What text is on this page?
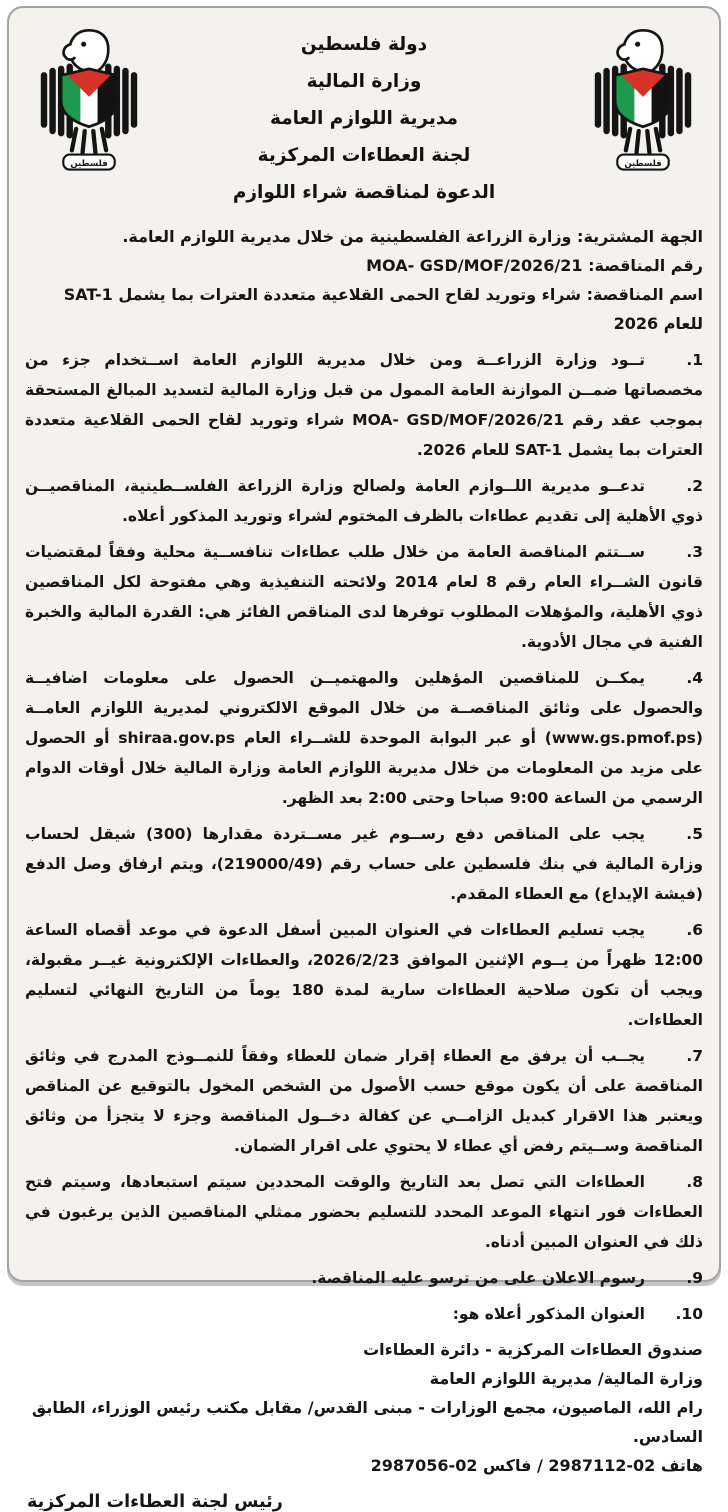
فلسطين	فلسطين
دولة فلسطين
وزارة المالية
مديرية اللوازم العامة
لجنة العطاءات المركزية
الدعوة لمناقصة شراء اللوازم

الجهة المشترية: وزارة الزراعة الفلسطينية من خلال مديرية اللوازم العامة.

رقم المناقصة: MOA- GSD/MOF/2026/21

اسم المناقصة: شراء وتوريد لقاح الحمى القلاعية متعددة العترات بما يشمل SAT-1 للعام 2026

1.تــود وزارة الزراعــة ومن خلال مديرية اللوازم العامة اســتخدام جزء من مخصصاتها ضمــن الموازنة العامة الممول من قبل وزارة المالية لتسديد المبالغ المستحقة بموجب عقد رقم MOA- GSD/MOF/2026/21 شراء وتوريد لقاح الحمى القلاعية متعددة العترات بما يشمل SAT-1 للعام 2026.

2.تدعــو مديرية اللــوازم العامة ولصالح وزارة الزراعة الفلســطينية، المناقصيــن ذوي الأهلية إلى تقديم عطاءات بالظرف المختوم لشراء وتوريد المذكور أعلاه.

3.ســتتم المناقصة العامة من خلال طلب عطاءات تنافســية محلية وفقاً لمقتضيات قانون الشــراء العام رقم 8 لعام 2014 ولائحته التنفيذية وهي مفتوحة لكل المناقصين ذوي الأهلية، والمؤهلات المطلوب توفرها لدى المناقص الفائز هي: القدرة المالية والخبرة الفنية في مجال الأدوية.

4.يمكــن للمناقصين المؤهلين والمهتميــن الحصول على معلومات اضافيــة والحصول على وثائق المناقصــة من خلال الموقع الالكتروني لمديرية اللوازم العامــة (www.gs.pmof.ps) أو عبر البوابة الموحدة للشــراء العام shiraa.gov.ps أو الحصول على مزيد من المعلومات من خلال مديرية اللوازم العامة وزارة المالية خلال أوقات الدوام الرسمي من الساعة 9:00 صباحا وحتى 2:00 بعد الظهر.

5.يجب على المناقص دفع رســوم غير مســتردة مقدارها (300) شيقل لحساب وزارة المالية في بنك فلسطين على حساب رقم (219000/49)، ويتم ارفاق وصل الدفع (فيشة الإيداع) مع العطاء المقدم.

6.يجب تسليم العطاءات في العنوان المبين أسفل الدعوة في موعد أقصاه الساعة 12:00 ظهراً من يــوم الإثنين الموافق 2026/2/23، والعطاءات الإلكترونية غيــر مقبولة، ويجب أن تكون صلاحية العطاءات سارية لمدة 180 يوماً من التاريخ النهائي لتسليم العطاءات.

7.يجــب أن يرفق مع العطاء إقرار ضمان للعطاء وفقاً للنمــوذج المدرج في وثائق المناقصة على أن يكون موقع حسب الأصول من الشخص المخول بالتوقيع عن المناقص ويعتبر هذا الاقرار كبديل الزامــي عن كفالة دخــول المناقصة وجزء لا يتجزأ من وثائق المناقصة وســيتم رفض أي عطاء لا يحتوي على اقرار الضمان.

8.العطاءات التي تصل بعد التاريخ والوقت المحددين سيتم استبعادها، وسيتم فتح العطاءات فور انتهاء الموعد المحدد للتسليم بحضور ممثلي المناقصين الذين يرغبون في ذلك في العنوان المبين أدناه.

9.رسوم الاعلان على من ترسو عليه المناقصة.

10.العنوان المذكور أعلاه هو:

صندوق العطاءات المركزية - دائرة العطاءات

وزارة المالية/ مديرية اللوازم العامة

رام الله، الماصيون، مجمع الوزارات - مبنى القدس/ مقابل مكتب رئيس الوزراء، الطابق السادس.

هاتف 02-2987112 / فاكس 02-2987056

رئيس لجنة العطاءات المركزية
